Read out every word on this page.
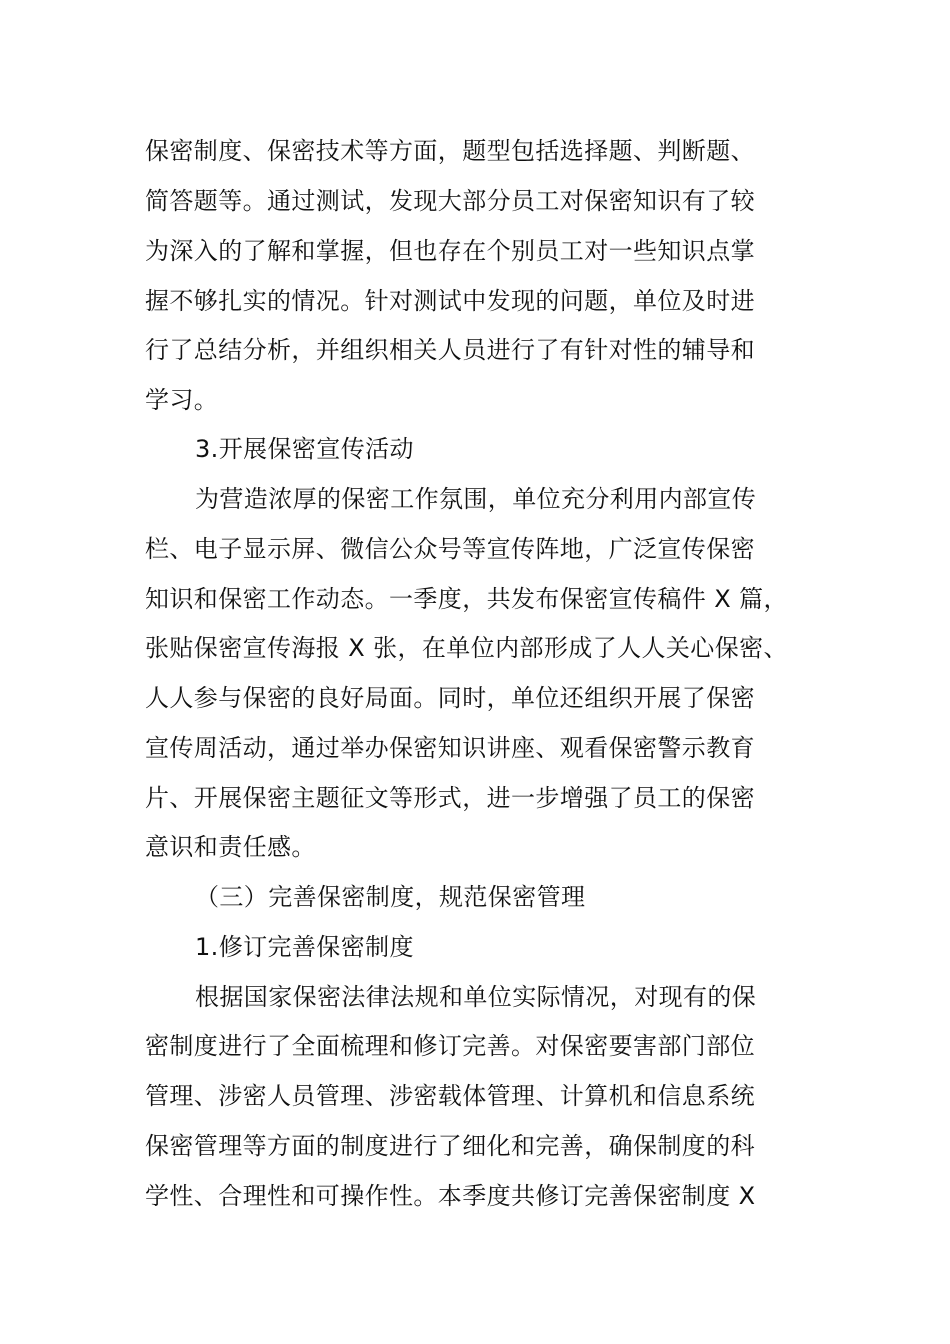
保密制度、保密技术等方面，题型包括选择题、判断题、
简答题等。通过测试，发现大部分员工对保密知识有了较
为深入的了解和掌握，但也存在个别员工对一些知识点掌
握不够扎实的情况。针对测试中发现的问题，单位及时进
行了总结分析，并组织相关人员进行了有针对性的辅导和
学习。
3.开展保密宣传活动
为营造浓厚的保密工作氛围，单位充分利用内部宣传
栏、电子显示屏、微信公众号等宣传阵地，广泛宣传保密
知识和保密工作动态。一季度，共发布保密宣传稿件 X 篇，
张贴保密宣传海报 X 张，在单位内部形成了人人关心保密、
人人参与保密的良好局面。同时，单位还组织开展了保密
宣传周活动，通过举办保密知识讲座、观看保密警示教育
片、开展保密主题征文等形式，进一步增强了员工的保密
意识和责任感。
（三）完善保密制度，规范保密管理
1.修订完善保密制度
根据国家保密法律法规和单位实际情况，对现有的保
密制度进行了全面梳理和修订完善。对保密要害部门部位
管理、涉密人员管理、涉密载体管理、计算机和信息系统
保密管理等方面的制度进行了细化和完善，确保制度的科
学性、合理性和可操作性。本季度共修订完善保密制度 X
